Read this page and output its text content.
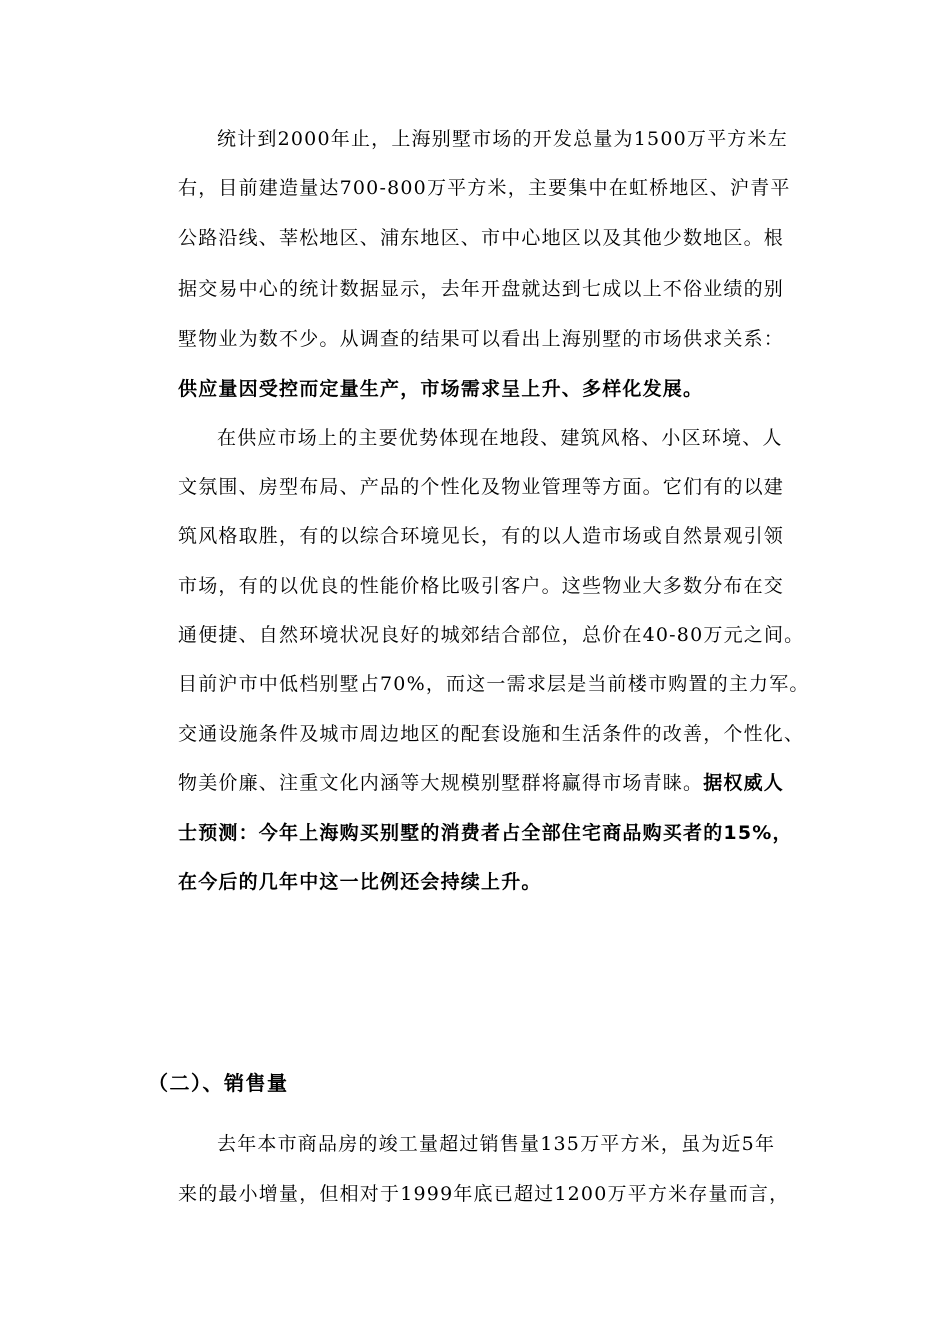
统计到2000年止，上海别墅市场的开发总量为1500万平方米左
右，目前建造量达700-800万平方米，主要集中在虹桥地区、沪青平
公路沿线、莘松地区、浦东地区、市中心地区以及其他少数地区。根
据交易中心的统计数据显示，去年开盘就达到七成以上不俗业绩的别
墅物业为数不少。从调查的结果可以看出上海别墅的市场供求关系：
供应量因受控而定量生产，市场需求呈上升、多样化发展。
在供应市场上的主要优势体现在地段、建筑风格、小区环境、人
文氛围、房型布局、产品的个性化及物业管理等方面。它们有的以建
筑风格取胜，有的以综合环境见长，有的以人造市场或自然景观引领
市场，有的以优良的性能价格比吸引客户。这些物业大多数分布在交
通便捷、自然环境状况良好的城郊结合部位，总价在40-80万元之间。
目前沪市中低档别墅占70%，而这一需求层是当前楼市购置的主力军。
交通设施条件及城市周边地区的配套设施和生活条件的改善，个性化、
物美价廉、注重文化内涵等大规模别墅群将赢得市场青睐。据权威人
士预测：今年上海购买别墅的消费者占全部住宅商品购买者的15%，
在今后的几年中这一比例还会持续上升。
（二）、销售量
去年本市商品房的竣工量超过销售量135万平方米，虽为近5年
来的最小增量，但相对于1999年底已超过1200万平方米存量而言，
